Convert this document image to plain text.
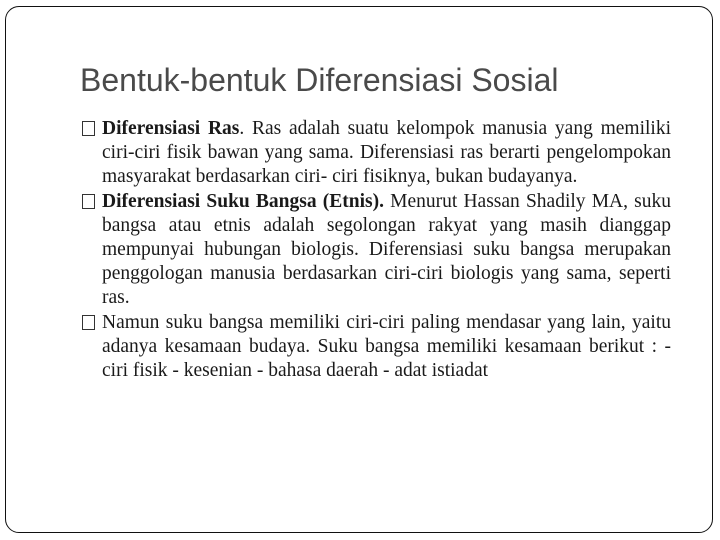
Bentuk-bentuk Diferensiasi Sosial
Diferensiasi Ras. Ras adalah suatu kelompok manusia yang memiliki ciri-ciri fisik bawan yang sama. Diferensiasi ras berarti pengelompokan masyarakat berdasarkan ciri- ciri fisiknya, bukan budayanya.
Diferensiasi Suku Bangsa (Etnis). Menurut Hassan Shadily MA, suku bangsa atau etnis adalah segolongan rakyat yang masih dianggap mempunyai hubungan biologis. Diferensiasi suku bangsa merupakan penggologan manusia berdasarkan ciri-ciri biologis yang sama, seperti ras.
Namun suku bangsa memiliki ciri-ciri paling mendasar yang lain, yaitu adanya kesamaan budaya. Suku bangsa memiliki kesamaan berikut : - ciri fisik - kesenian - bahasa daerah - adat istiadat
